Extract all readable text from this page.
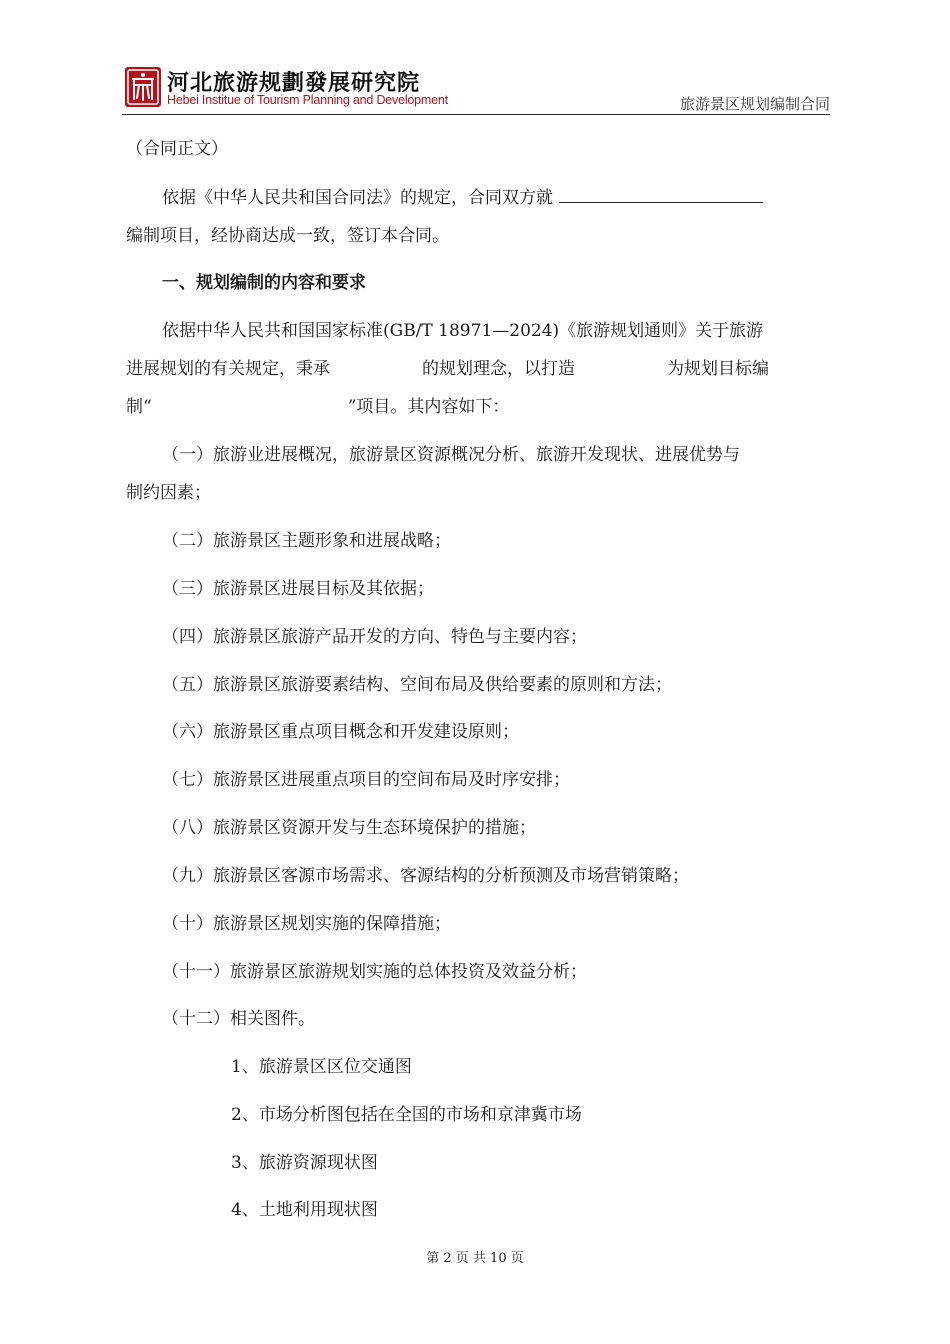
河北旅游规劃發展研究院
Hebei Institue of Tourism Planning and Development	旅游景区规划编制合同
（合同正文）
依据《中华人民共和国合同法》的规定，合同双方就
编制项目，经协商达成一致，签订本合同。
一、规划编制的内容和要求
依据中华人民共和国国家标准(GB/T 18971—2024)《旅游规划通则》关于旅游
进展规划的有关规定，秉承	的规划理念，以打造	为规划目标编
制“	”项目。其内容如下：
（一）旅游业进展概况，旅游景区资源概况分析、旅游开发现状、进展优势与
制约因素；
（二）旅游景区主题形象和进展战略；
（三）旅游景区进展目标及其依据；
（四）旅游景区旅游产品开发的方向、特色与主要内容；
（五）旅游景区旅游要素结构、空间布局及供给要素的原则和方法；
（六）旅游景区重点项目概念和开发建设原则；
（七）旅游景区进展重点项目的空间布局及时序安排；
（八）旅游景区资源开发与生态环境保护的措施；
（九）旅游景区客源市场需求、客源结构的分析预测及市场营销策略；
（十）旅游景区规划实施的保障措施；
（十一）旅游景区旅游规划实施的总体投资及效益分析；
（十二）相关图件。
1、旅游景区区位交通图
2、市场分析图包括在全国的市场和京津冀市场
3、旅游资源现状图
4、土地利用现状图
第 2 页 共 10 页
